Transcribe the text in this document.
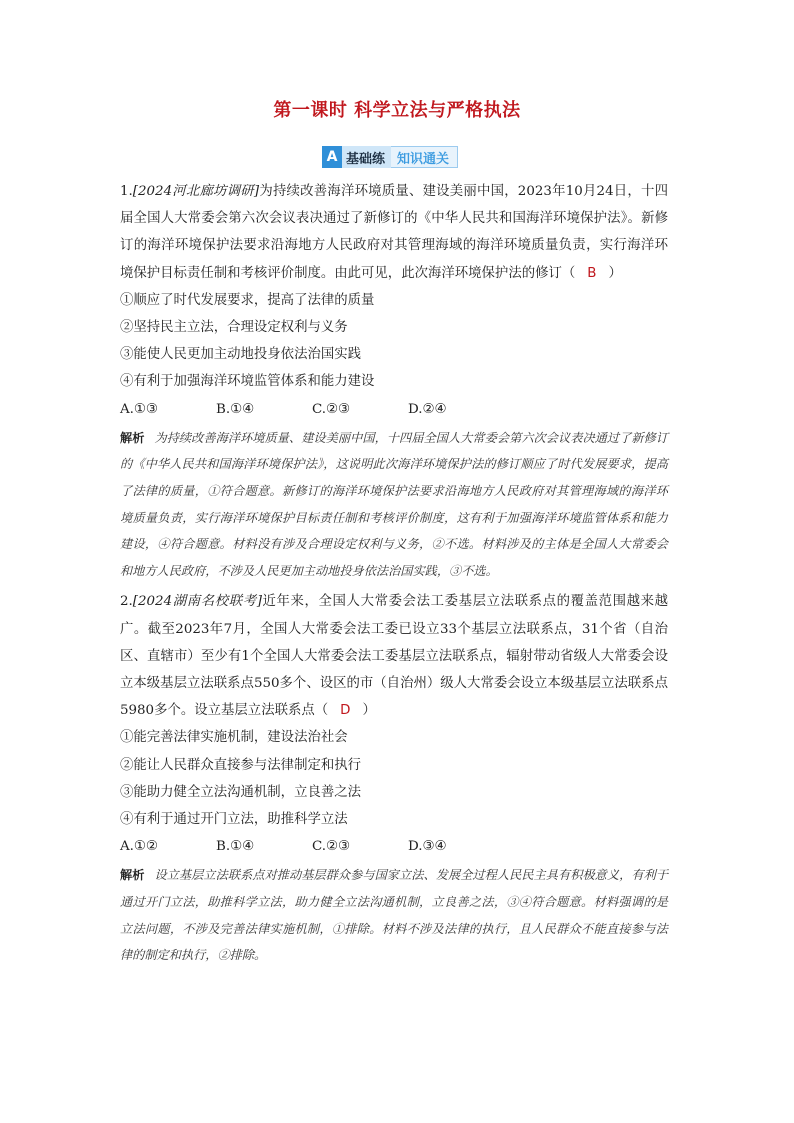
第一课时 科学立法与严格执法
A 基础练 知识通关

1.[2024河北廊坊调研]为持续改善海洋环境质量、建设美丽中国，2023年10月24日，十四届全国人大常委会第六次会议表决通过了新修订的《中华人民共和国海洋环境保护法》。新修订的海洋环境保护法要求沿海地方人民政府对其管理海域的海洋环境质量负责，实行海洋环境保护目标责任制和考核评价制度。由此可见，此次海洋环境保护法的修订（ B ）

①顺应了时代发展要求，提高了法律的质量

②坚持民主立法，合理设定权利与义务

③能使人民更加主动地投身依法治国实践

④有利于加强海洋环境监管体系和能力建设

A.①③	B.①④	C.②③	D.②④

解析 为持续改善海洋环境质量、建设美丽中国，十四届全国人大常委会第六次会议表决通过了新修订的《中华人民共和国海洋环境保护法》，这说明此次海洋环境保护法的修订顺应了时代发展要求，提高了法律的质量，①符合题意。新修订的海洋环境保护法要求沿海地方人民政府对其管理海域的海洋环境质量负责，实行海洋环境保护目标责任制和考核评价制度，这有利于加强海洋环境监管体系和能力建设，④符合题意。材料没有涉及合理设定权利与义务，②不选。材料涉及的主体是全国人大常委会和地方人民政府，不涉及人民更加主动地投身依法治国实践，③不选。

2.[2024湖南名校联考]近年来，全国人大常委会法工委基层立法联系点的覆盖范围越来越广。截至2023年7月，全国人大常委会法工委已设立33个基层立法联系点，31个省（自治区、直辖市）至少有1个全国人大常委会法工委基层立法联系点，辐射带动省级人大常委会设立本级基层立法联系点550多个、设区的市（自治州）级人大常委会设立本级基层立法联系点5980多个。设立基层立法联系点（ D ）

①能完善法律实施机制，建设法治社会

②能让人民群众直接参与法律制定和执行

③能助力健全立法沟通机制，立良善之法

④有利于通过开门立法，助推科学立法

A.①②	B.①④	C.②③	D.③④

解析 设立基层立法联系点对推动基层群众参与国家立法、发展全过程人民民主具有积极意义，有利于通过开门立法，助推科学立法，助力健全立法沟通机制，立良善之法，③④符合题意。材料强调的是立法问题，不涉及完善法律实施机制，①排除。材料不涉及法律的执行，且人民群众不能直接参与法律的制定和执行，②排除。
